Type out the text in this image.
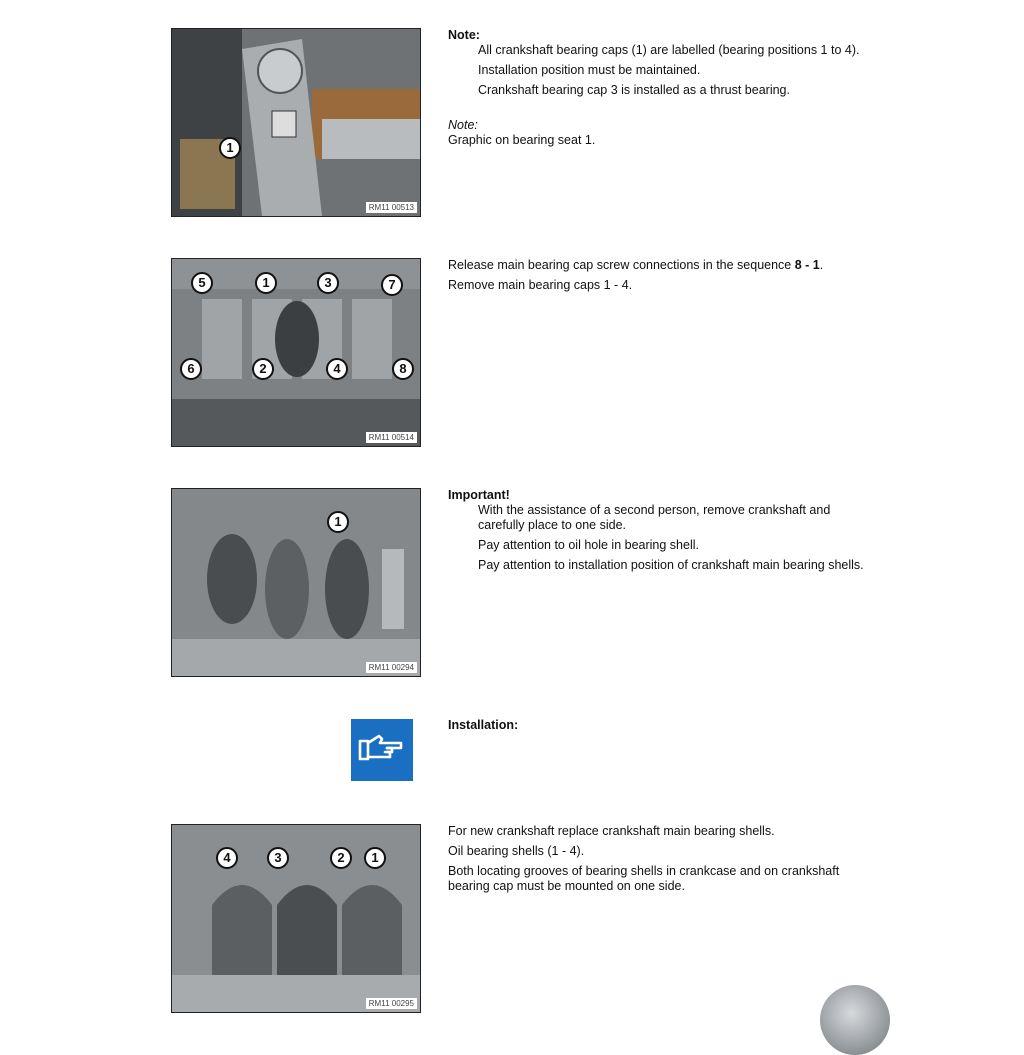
1
RM11 00513

Note:

All crankshaft bearing caps (1) are labelled (bearing positions 1 to 4).

Installation position must be maintained.

Crankshaft bearing cap 3 is installed as a thrust bearing.

Note:

Graphic on bearing seat 1.

5	1	3	7
6	2	4	8
RM11 00514

Release main bearing cap screw connections in the sequence 8 - 1.

Remove main bearing caps 1 - 4.

1
RM11 00294

Important!

With the assistance of a second person, remove crankshaft and carefully place to one side.

Pay attention to oil hole in bearing shell.

Pay attention to installation position of crankshaft main bearing shells.

Installation:

4	3	2	1
RM11 00295

For new crankshaft replace crankshaft main bearing shells.

Oil bearing shells (1 - 4).

Both locating grooves of bearing shells in crankcase and on crankshaft bearing cap must be mounted on one side.
